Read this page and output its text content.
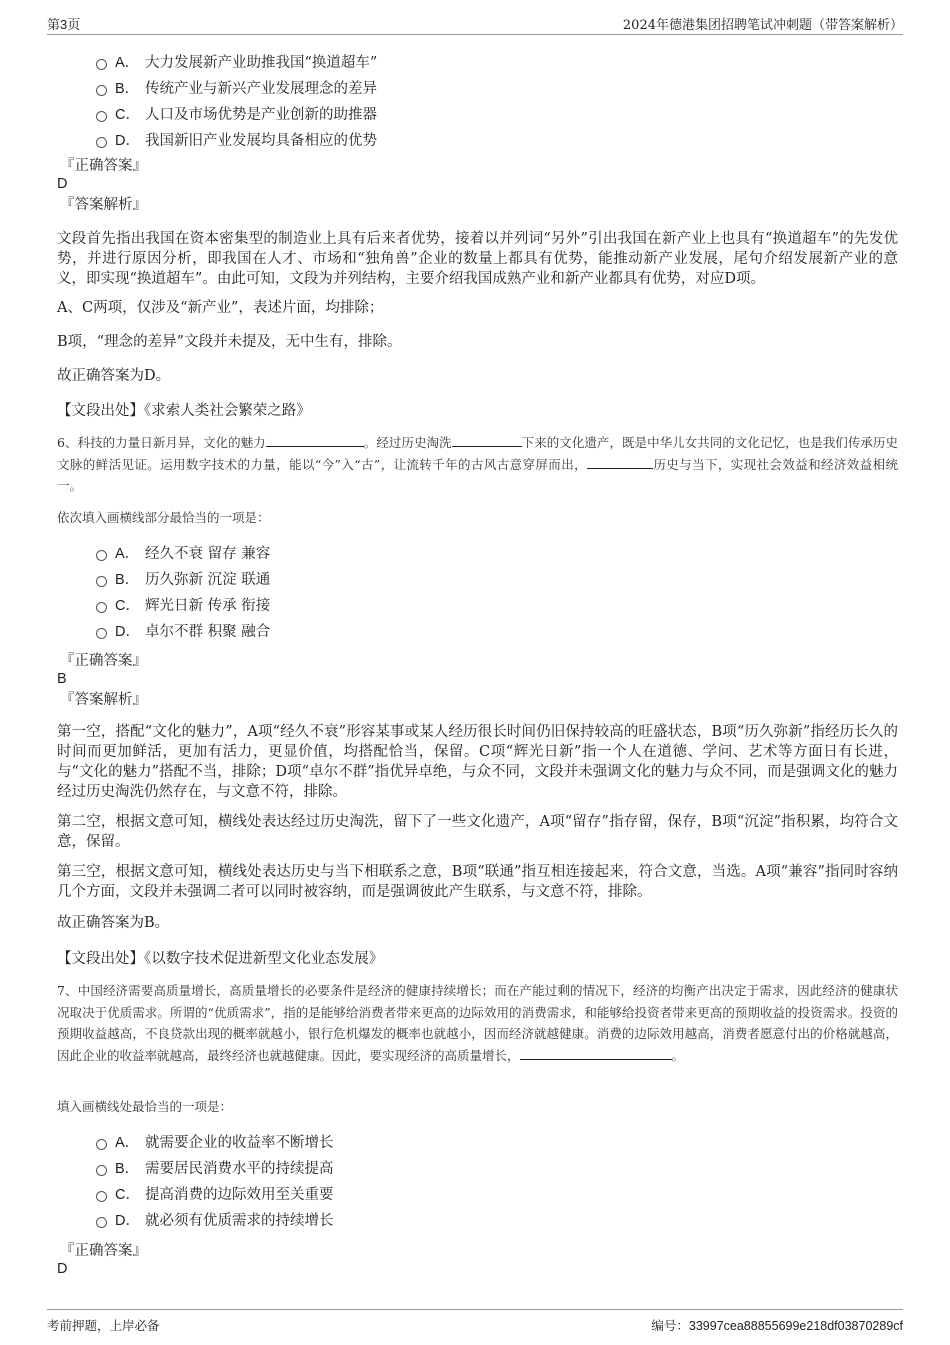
第3页	2024年德港集团招聘笔试冲刺题（带答案解析）
A． 大力发展新产业助推我国“换道超车”
B． 传统产业与新兴产业发展理念的差异
C． 人口及市场优势是产业创新的助推器
D． 我国新旧产业发展均具备相应的优势
『正确答案』
D
『答案解析』
文段首先指出我国在资本密集型的制造业上具有后来者优势，接着以并列词“另外”引出我国在新产业上也具有“换道超车”的先发优势，并进行原因分析，即我国在人才、市场和“独角兽”企业的数量上都具有优势，能推动新产业发展，尾句介绍发展新产业的意义，即实现“换道超车”。由此可知，文段为并列结构，主要介绍我国成熟产业和新产业都具有优势，对应D项。
A、C两项，仅涉及“新产业”，表述片面，均排除；
B项，“理念的差异”文段并未提及，无中生有，排除。
故正确答案为D。
【文段出处】《求索人类社会繁荣之路》
6、科技的力量日新月异，文化的魅力	。经过历史淘洗	下来的文化遗产，既是中华儿女共同的文化记忆，也是我们传承历史文脉的鲜活见证。运用数字技术的力量，能以“今”入“古”，让流转千年的古风古意穿屏而出，	历史与当下，实现社会效益和经济效益相统一。
依次填入画横线部分最恰当的一项是：
A． 经久不衰 留存 兼容
B． 历久弥新 沉淀 联通
C． 辉光日新 传承 衔接
D． 卓尔不群 积聚 融合
『正确答案』
B
『答案解析』
第一空，搭配“文化的魅力”，A项“经久不衰”形容某事或某人经历很长时间仍旧保持较高的旺盛状态，B项“历久弥新”指经历长久的时间而更加鲜活，更加有活力，更显价值，均搭配恰当，保留。C项“辉光日新”指一个人在道德、学问、艺术等方面日有长进，与“文化的魅力”搭配不当，排除；D项“卓尔不群”指优异卓绝，与众不同，文段并未强调文化的魅力与众不同，而是强调文化的魅力经过历史淘洗仍然存在，与文意不符，排除。
第二空，根据文意可知，横线处表达经过历史淘洗，留下了一些文化遗产，A项“留存”指存留，保存，B项“沉淀”指积累，均符合文意，保留。
第三空，根据文意可知，横线处表达历史与当下相联系之意，B项“联通”指互相连接起来，符合文意，当选。A项“兼容”指同时容纳几个方面，文段并未强调二者可以同时被容纳，而是强调彼此产生联系，与文意不符，排除。
故正确答案为B。
【文段出处】《以数字技术促进新型文化业态发展》
7、中国经济需要高质量增长，高质量增长的必要条件是经济的健康持续增长；而在产能过剩的情况下，经济的均衡产出决定于需求，因此经济的健康状况取决于优质需求。所谓的“优质需求”，指的是能够给消费者带来更高的边际效用的消费需求，和能够给投资者带来更高的预期收益的投资需求。投资的预期收益越高，不良贷款出现的概率就越小，银行危机爆发的概率也就越小，因而经济就越健康。消费的边际效用越高，消费者愿意付出的价格就越高，因此企业的收益率就越高，最终经济也就越健康。因此，要实现经济的高质量增长，	。
填入画横线处最恰当的一项是：
A． 就需要企业的收益率不断增长
B． 需要居民消费水平的持续提高
C． 提高消费的边际效用至关重要
D． 就必须有优质需求的持续增长
『正确答案』
D
考前押题，上岸必备	编号：33997cea88855699e218df03870289cf
